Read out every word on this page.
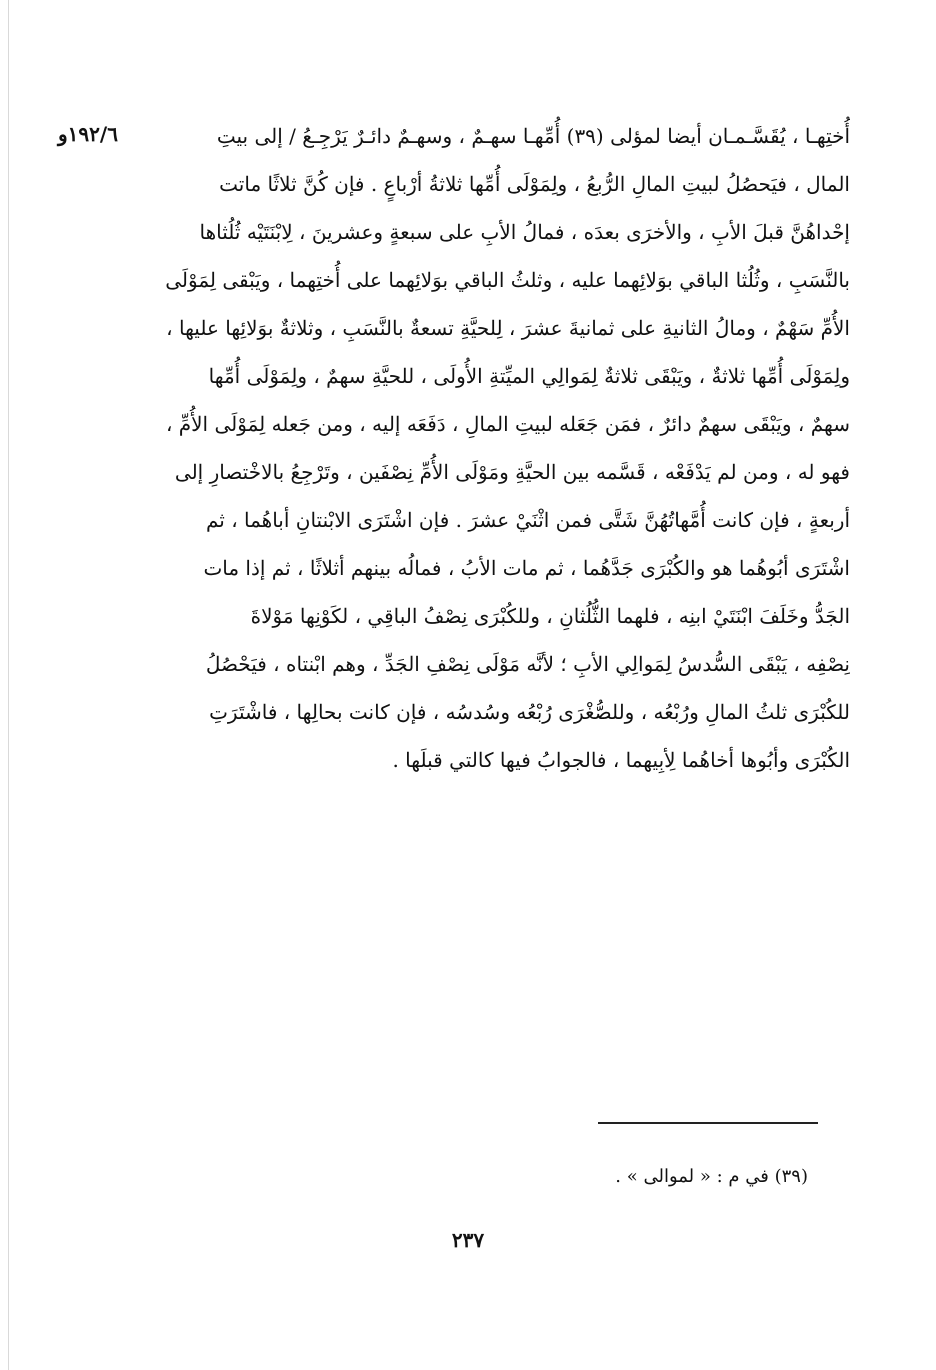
١٩٢/٦و	أُختِهـا ، يُقَسَّـمـان أيضا لمؤلى (٣٩) أُمِّهـا سهـمٌ ، وسهـمٌ دائـرٌ يَرْجِـعُ / إلى بيتِ
المال ، فيَحصُلُ لبيتِ المالِ الرُّبعُ ، ولِمَوْلَى أُمِّها ثلاثةُ أرْباعٍ . فإن كُنَّ ثلاثًا ماتت
إحْداهُنَّ قبلَ الأبِ ، والأخرَى بعدَه ، فمالُ الأبِ على سبعةٍ وعشرينَ ، لِابْنَتَيْه ثُلُثاها
بالنَّسَبِ ، وثُلُثا الباقي بوَلائِهما عليه ، وثلثُ الباقي بوَلائِهما على أُختِهما ، ويَبْقى لِمَوْلَى
الأُمِّ سَهْمٌ ، ومالُ الثانيةِ على ثمانيةَ عشرَ ، لِلحيَّةِ تسعةٌ بالنَّسَبِ ، وثلاثةٌ بوَلائِها عليها ،
ولِمَوْلَى أُمِّها ثلاثةٌ ، ويَبْقَى ثلاثةٌ لِمَوالِي الميِّتةِ الأُولَى ، للحيَّةِ سهمٌ ، ولِمَوْلَى أُمِّها
سهمٌ ، ويَبْقَى سهمٌ دائرٌ ، فمَن جَعَله لبيتِ المالِ ، دَفَعَه إليه ، ومن جَعله لِمَوْلَى الأُمِّ ،
فهو له ، ومن لم يَدْفَعْه ، قَسَّمه بين الحيَّةِ ومَوْلَى الأُمِّ نِصْفَين ، وتَرْجِعُ بالاخْتصارِ إلى
أربعةٍ ، فإن كانت أُمَّهاتُهُنَّ شَتَّى فمن اثْنَيْ عشرَ . فإن اشْتَرَى الابْنتانِ أباهُما ، ثم
اشْتَرَى أبُوهُما هو والكُبْرَى جَدَّهُما ، ثم مات الأبُ ، فمالُه بينهم أثلاثًا ، ثم إذا مات
الجَدُّ وخَلَفَ ابْنَتَيْ ابنِه ، فلهما الثُّلُثانِ ، وللكُبْرَى نِصْفُ الباقِي ، لكَوْنِها مَوْلاةَ
نِصْفِه ، يَبْقَى السُّدسُ لِمَوالِي الأبِ ؛ لأنَّه مَوْلَى نِصْفِ الجَدِّ ، وهم ابْنتاه ، فيَحْصُلُ
للكُبْرَى ثلثُ المالِ ورُبْعُه ، وللصُّغْرَى رُبْعُه وسُدسُه ، فإن كانت بحالِها ، فاشْتَرَتِ
الكُبْرَى وأبُوها أخاهُما لِأبِيهما ، فالجوابُ فيها كالتي قبلَها .
(٣٩) في م : « لموالى » .
٢٣٧
